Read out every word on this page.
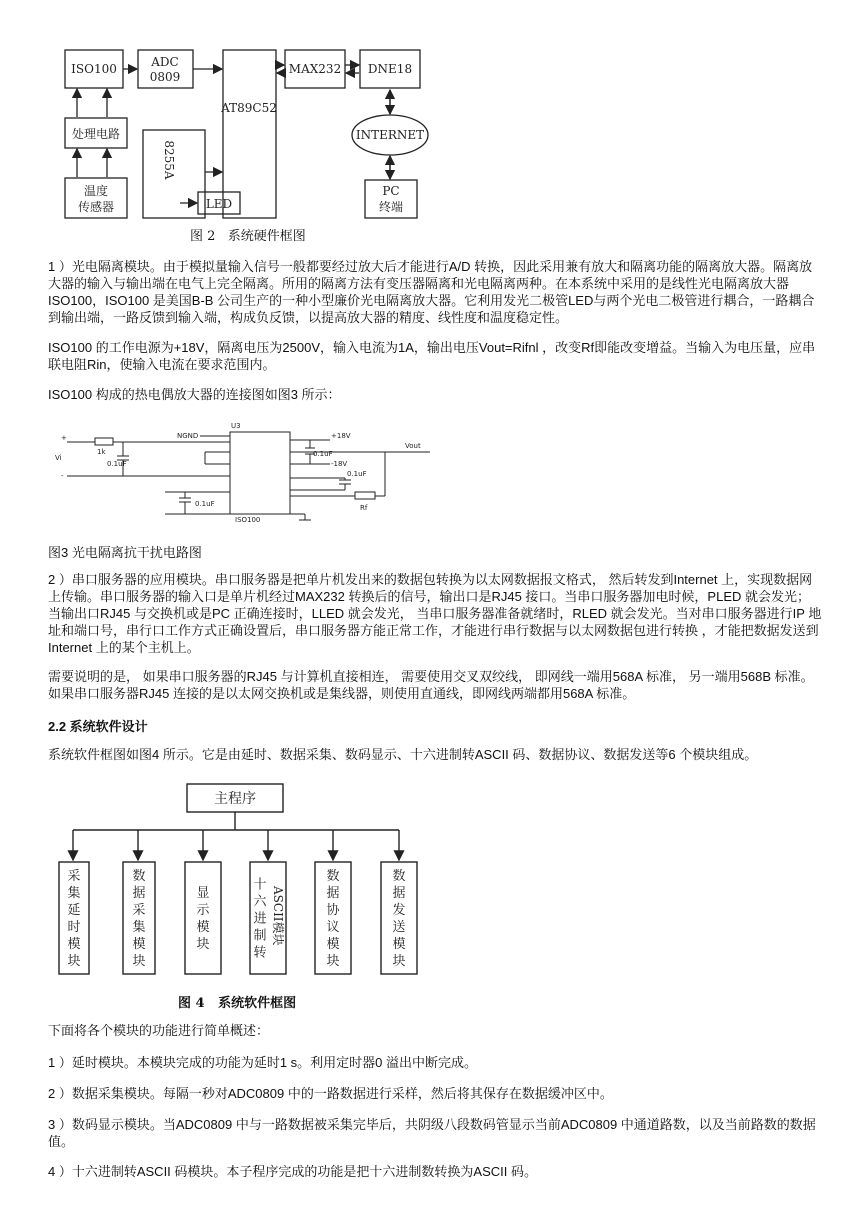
ISO100	ADC
0809
AT89C52
MAX232 DNE18
处理电路
温度
传感器
8255A
LED
INTERNET
PC
终端
图 2   系统硬件框图

1 ）光电隔离模块。由于模拟量输入信号一般都要经过放大后才能进行A/D 转换，因此采用兼有放大和隔离功能的隔离放大器。隔离放大器的输入与输出端在电气上完全隔离。所用的隔离方法有变压器隔离和光电隔离两种。在本系统中采用的是线性光电隔离放大器ISO100，ISO100 是美国B-B 公司生产的一种小型廉价光电隔离放大器。它利用发光二极管LED与两个光电二极管进行耦合，一路耦合到输出端，一路反馈到输入端，构成负反馈，以提高放大器的精度、线性度和温度稳定性。

ISO100 的工作电源为+18V，隔离电压为2500V，输入电流为1A，输出电压Vout=Rifnl ，改变Rf即能改变增益。当输入为电压量，应串联电阻Rin，使输入电流在要求范围内。

ISO100 构成的热电偶放大器的连接图如图3 所示：

U3
NGND
+
-
Vi
1k
0.1uF
+18V
-18V
0.1uF
0.1uF
0.1uF	Rf
Vout
ISO100
图3 光电隔离抗干扰电路图

2 ）串口服务器的应用模块。串口服务器是把单片机发出来的数据包转换为以太网数据报文格式， 然后转发到Internet 上，实现数据网上传输。串口服务器的输入口是单片机经过MAX232 转换后的信号，输出口是RJ45 接口。当串口服务器加电时候，PLED 就会发光； 当输出口RJ45 与交换机或是PC 正确连接时，LLED 就会发光， 当串口服务器准备就绪时，RLED 就会发光。当对串口服务器进行IP 地址和端口号，串行口工作方式正确设置后，串口服务器方能正常工作，才能进行串行数据与以太网数据包进行转换 ，才能把数据发送到Internet 上的某个主机上。

需要说明的是， 如果串口服务器的RJ45 与计算机直接相连， 需要使用交叉双绞线， 即网线一端用568A 标准， 另一端用568B 标准。如果串口服务器RJ45 连接的是以太网交换机或是集线器，则使用直通线，即网线两端都用568A 标准。

2.2 系统软件设计

系统软件框图如图4 所示。它是由延时、数据采集、数码显示、十六进制转ASCII 码、数据协议、数据发送等6 个模块组成。

主程序
采集延时模块
数据采集模块
显示模块
十六进制转
数据协议模块
数据发送模块
ASCII模块
图 4   系统软件框图

下面将各个模块的功能进行简单概述：

1 ）延时模块。本模块完成的功能为延时1 s。利用定时器0 溢出中断完成。

2 ）数据采集模块。每隔一秒对ADC0809 中的一路数据进行采样，然后将其保存在数据缓冲区中。

3 ）数码显示模块。当ADC0809 中与一路数据被采集完毕后，共阴级八段数码管显示当前ADC0809 中通道路数，以及当前路数的数据值。

4 ）十六进制转ASCII 码模块。本子程序完成的功能是把十六进制数转换为ASCII 码。
